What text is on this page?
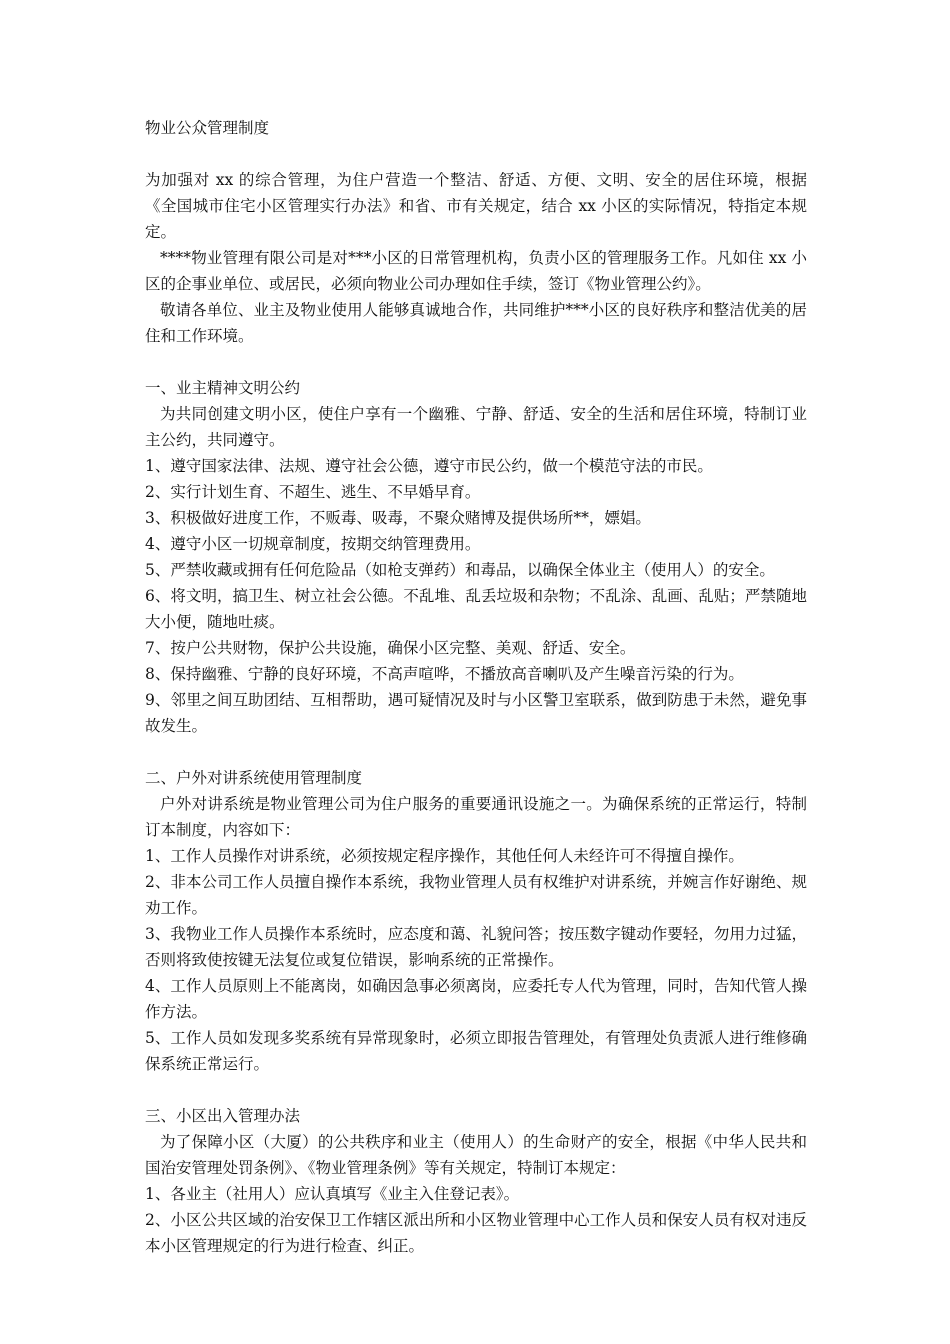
物业公众管理制度

为加强对 xx 的综合管理，为住户营造一个整洁、舒适、方便、文明、安全的居住环境，根据《全国城市住宅小区管理实行办法》和省、市有关规定，结合 xx 小区的实际情况，特指定本规定。

****物业管理有限公司是对***小区的日常管理机构，负责小区的管理服务工作。凡如住 xx 小区的企事业单位、或居民，必须向物业公司办理如住手续，签订《物业管理公约》。

敬请各单位、业主及物业使用人能够真诚地合作，共同维护***小区的良好秩序和整洁优美的居住和工作环境。

一、业主精神文明公约

为共同创建文明小区，使住户享有一个幽雅、宁静、舒适、安全的生活和居住环境，特制订业主公约，共同遵守。

1、遵守国家法律、法规、遵守社会公德，遵守市民公约，做一个模范守法的市民。
2、实行计划生育、不超生、逃生、不早婚早育。
3、积极做好进度工作，不贩毒、吸毒，不聚众赌博及提供场所**，嫖娼。
4、遵守小区一切规章制度，按期交纳管理费用。
5、严禁收藏或拥有任何危险品（如枪支弹药）和毒品，以确保全体业主（使用人）的安全。
6、将文明，搞卫生、树立社会公德。不乱堆、乱丢垃圾和杂物；不乱涂、乱画、乱贴；严禁随地大小便，随地吐痰。
7、按户公共财物，保护公共设施，确保小区完整、美观、舒适、安全。
8、保持幽雅、宁静的良好环境，不高声喧哗，不播放高音喇叭及产生噪音污染的行为。
9、邻里之间互助团结、互相帮助，遇可疑情况及时与小区警卫室联系，做到防患于未然，避免事故发生。
二、户外对讲系统使用管理制度

户外对讲系统是物业管理公司为住户服务的重要通讯设施之一。为确保系统的正常运行，特制订本制度，内容如下：

1、工作人员操作对讲系统，必须按规定程序操作，其他任何人未经许可不得擅自操作。
2、非本公司工作人员擅自操作本系统，我物业管理人员有权维护对讲系统，并婉言作好谢绝、规劝工作。
3、我物业工作人员操作本系统时，应态度和蔼、礼貌问答；按压数字键动作要轻，勿用力过猛，否则将致使按键无法复位或复位错误，影响系统的正常操作。
4、工作人员原则上不能离岗，如确因急事必须离岗，应委托专人代为管理，同时，告知代管人操作方法。
5、工作人员如发现多奖系统有异常现象时，必须立即报告管理处，有管理处负责派人进行维修确保系统正常运行。
三、小区出入管理办法

为了保障小区（大厦）的公共秩序和业主（使用人）的生命财产的安全，根据《中华人民共和国治安管理处罚条例》、《物业管理条例》等有关规定，特制订本规定：

1、各业主（社用人）应认真填写《业主入住登记表》。
2、小区公共区域的治安保卫工作辖区派出所和小区物业管理中心工作人员和保安人员有权对违反本小区管理规定的行为进行检查、纠正。
